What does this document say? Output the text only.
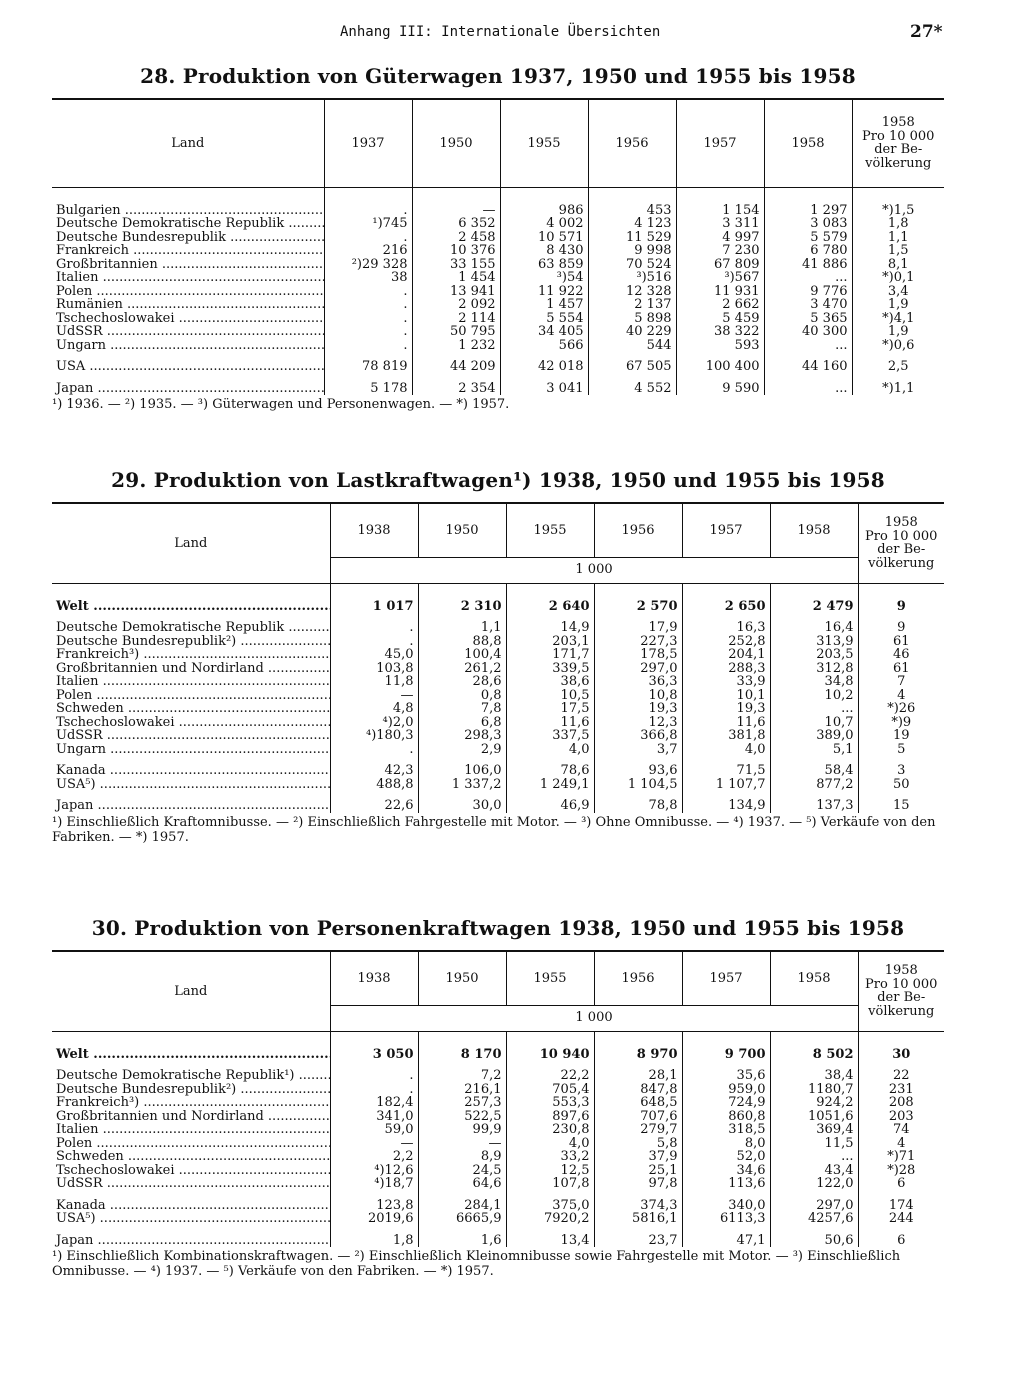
Anhang III: Internationale Übersichten	27*
28. Produktion von Güterwagen 1937, 1950 und 1955 bis 1958
Land	1937	1950	1955	1956	1957	1958	1958
Pro 10 000
der Be-
völkerung

Bulgarien .....	.	—	986	453	1 154	1 297	*)1,5
Deutsche Demokratische Republik .....	¹)745	6 352	4 002	4 123	3 311	3 083	1,8
Deutsche Bundesrepublik .....	.	2 458	10 571	11 529	4 997	5 579	1,1
Frankreich .....	216	10 376	8 430	9 998	7 230	6 780	1,5
Großbritannien .....	²)29 328	33 155	63 859	70 524	67 809	41 886	8,1
Italien .....	38	1 454	³)54	³)516	³)567	...	*)0,1
Polen .....	.	13 941	11 922	12 328	11 931	9 776	3,4
Rumänien .....	.	2 092	1 457	2 137	2 662	3 470	1,9
Tschechoslowakei .....	.	2 114	5 554	5 898	5 459	5 365	*)4,1
UdSSR .....	.	50 795	34 405	40 229	38 322	40 300	1,9
Ungarn .....	.	1 232	566	544	593	...	*)0,6

USA .....	78 819	44 209	42 018	67 505	100 400	44 160	2,5

Japan .....	5 178	2 354	3 041	4 552	9 590	...	*)1,1
¹) 1936. — ²) 1935. — ³) Güterwagen und Personenwagen. — *) 1957.
29. Produktion von Lastkraftwagen¹) 1938, 1950 und 1955 bis 1958
Land	1938	1950	1955	1956	1957	1958	1958
Pro 10 000
der Be-
völkerung

	1 000						

Welt .....	1 017	2 310	2 640	2 570	2 650	2 479	9

Deutsche Demokratische Republik .....	.	1,1	14,9	17,9	16,3	16,4	9
Deutsche Bundesrepublik²) .....	.	88,8	203,1	227,3	252,8	313,9	61
Frankreich³) .....	45,0	100,4	171,7	178,5	204,1	203,5	46
Großbritannien und Nordirland .....	103,8	261,2	339,5	297,0	288,3	312,8	61
Italien .....	11,8	28,6	38,6	36,3	33,9	34,8	7
Polen .....	—	0,8	10,5	10,8	10,1	10,2	4
Schweden .....	4,8	7,8	17,5	19,3	19,3	...	*)26
Tschechoslowakei .....	⁴)2,0	6,8	11,6	12,3	11,6	10,7	*)9
UdSSR .....	⁴)180,3	298,3	337,5	366,8	381,8	389,0	19
Ungarn .....	.	2,9	4,0	3,7	4,0	5,1	5

Kanada .....	42,3	106,0	78,6	93,6	71,5	58,4	3
USA⁵) .....	488,8	1 337,2	1 249,1	1 104,5	1 107,7	877,2	50

Japan .....	22,6	30,0	46,9	78,8	134,9	137,3	15
¹) Einschließlich Kraftomnibusse. — ²) Einschließlich Fahrgestelle mit Motor. — ³) Ohne Omnibusse. — ⁴) 1937. — ⁵) Verkäufe von den Fabriken. — *) 1957.
30. Produktion von Personenkraftwagen 1938, 1950 und 1955 bis 1958
Land	1938	1950	1955	1956	1957	1958	1958
Pro 10 000
der Be-
völkerung

	1 000						

Welt .....	3 050	8 170	10 940	8 970	9 700	8 502	30

Deutsche Demokratische Republik¹) .....	.	7,2	22,2	28,1	35,6	38,4	22
Deutsche Bundesrepublik²) .....	.	216,1	705,4	847,8	959,0	1180,7	231
Frankreich³) .....	182,4	257,3	553,3	648,5	724,9	924,2	208
Großbritannien und Nordirland .....	341,0	522,5	897,6	707,6	860,8	1051,6	203
Italien .....	59,0	99,9	230,8	279,7	318,5	369,4	74
Polen .....	—	—	4,0	5,8	8,0	11,5	4
Schweden .....	2,2	8,9	33,2	37,9	52,0	...	*)71
Tschechoslowakei .....	⁴)12,6	24,5	12,5	25,1	34,6	43,4	*)28
UdSSR .....	⁴)18,7	64,6	107,8	97,8	113,6	122,0	6

Kanada .....	123,8	284,1	375,0	374,3	340,0	297,0	174
USA⁵) .....	2019,6	6665,9	7920,2	5816,1	6113,3	4257,6	244

Japan .....	1,8	1,6	13,4	23,7	47,1	50,6	6
¹) Einschließlich Kombinationskraftwagen. — ²) Einschließlich Kleinomnibusse sowie Fahrgestelle mit Motor. — ³) Einschließlich Omnibusse. — ⁴) 1937. — ⁵) Verkäufe von den Fabriken. — *) 1957.
